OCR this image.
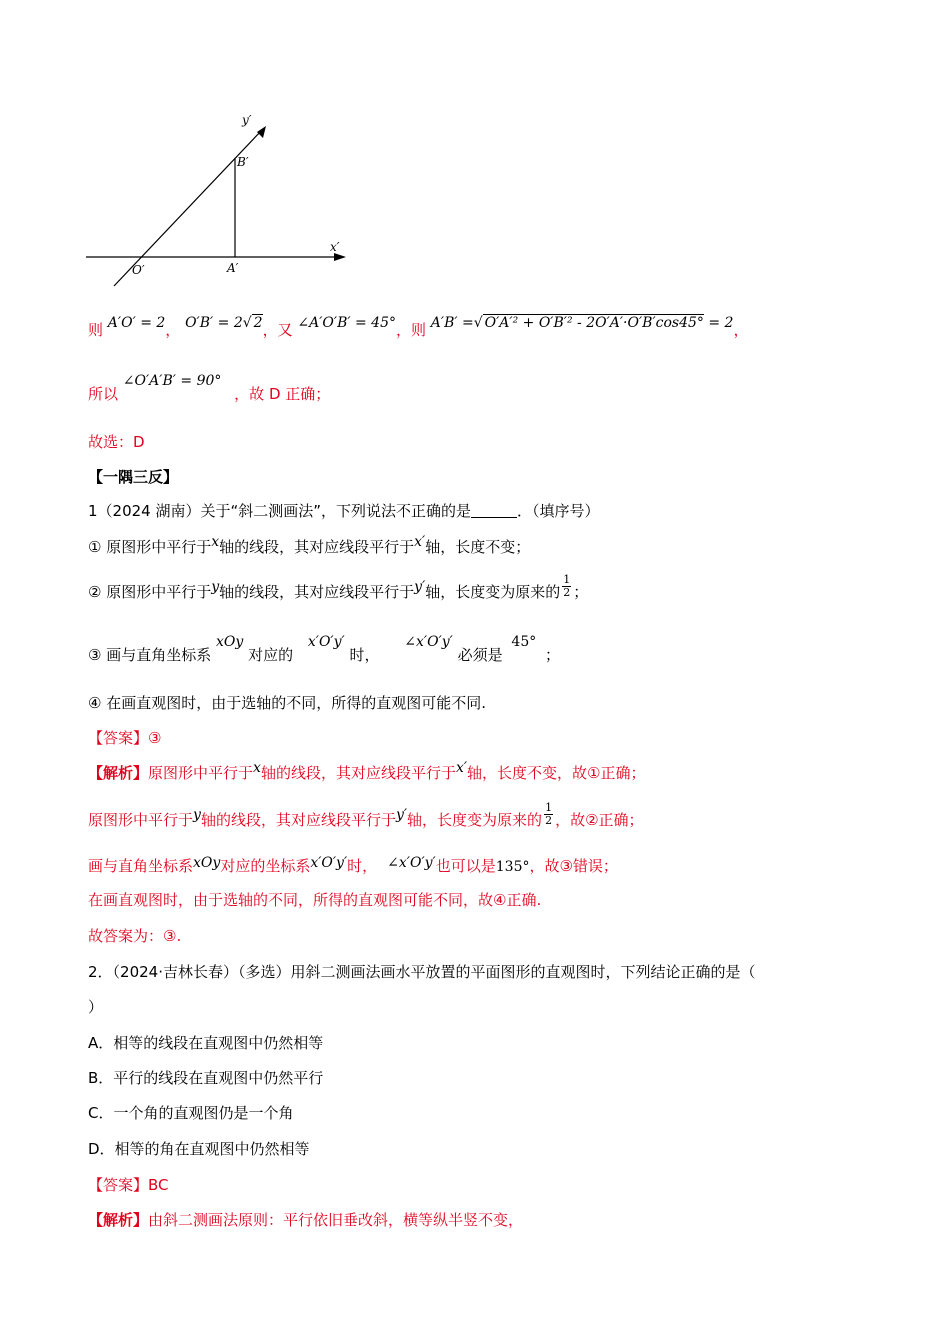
y′
B′
x′
O′	A′
则 A′O′ = 2， O′B′ = 2√ 2，又 ∠A′O′B′ = 45°，则 A′B′ =√ O′A′² + O′B′² - 2O′A′·O′B′cos45° = 2，
所以 ∠O′A′B′ = 90° ，故 D 正确；
故选：D
【一隅三反】
1（2024 湖南）关于“斜二测画法”，下列说法不正确的是	．（填序号）
① 原图形中平行于x轴的线段，其对应线段平行于x′轴，长度不变；
② 原图形中平行于y轴的线段，其对应线段平行于y′轴，长度变为原来的 $\frac{1}{2}$ ；
③ 画与直角坐标系 xOy 对应的 x′O′y′ 时， ∠x′O′y′ 必须是 45° ；
④ 在画直观图时，由于选轴的不同，所得的直观图可能不同.
【答案】③
【解析】原图形中平行于x轴的线段，其对应线段平行于x′轴，长度不变，故①正确；
原图形中平行于y轴的线段，其对应线段平行于y′轴，长度变为原来的 $\frac{1}{2}$ ，故②正确；
画与直角坐标系xOy对应的坐标系x′O′y′时， ∠x′O′y′也可以是135°，故③错误；
在画直观图时，由于选轴的不同，所得的直观图可能不同，故④正确.
故答案为：③.
2．（2024·吉林长春）（多选）用斜二测画法画水平放置的平面图形的直观图时，下列结论正确的是（
）
A．相等的线段在直观图中仍然相等
B．平行的线段在直观图中仍然平行
C．一个角的直观图仍是一个角
D．相等的角在直观图中仍然相等
【答案】BC
【解析】由斜二测画法原则：平行依旧垂改斜，横等纵半竖不变，
